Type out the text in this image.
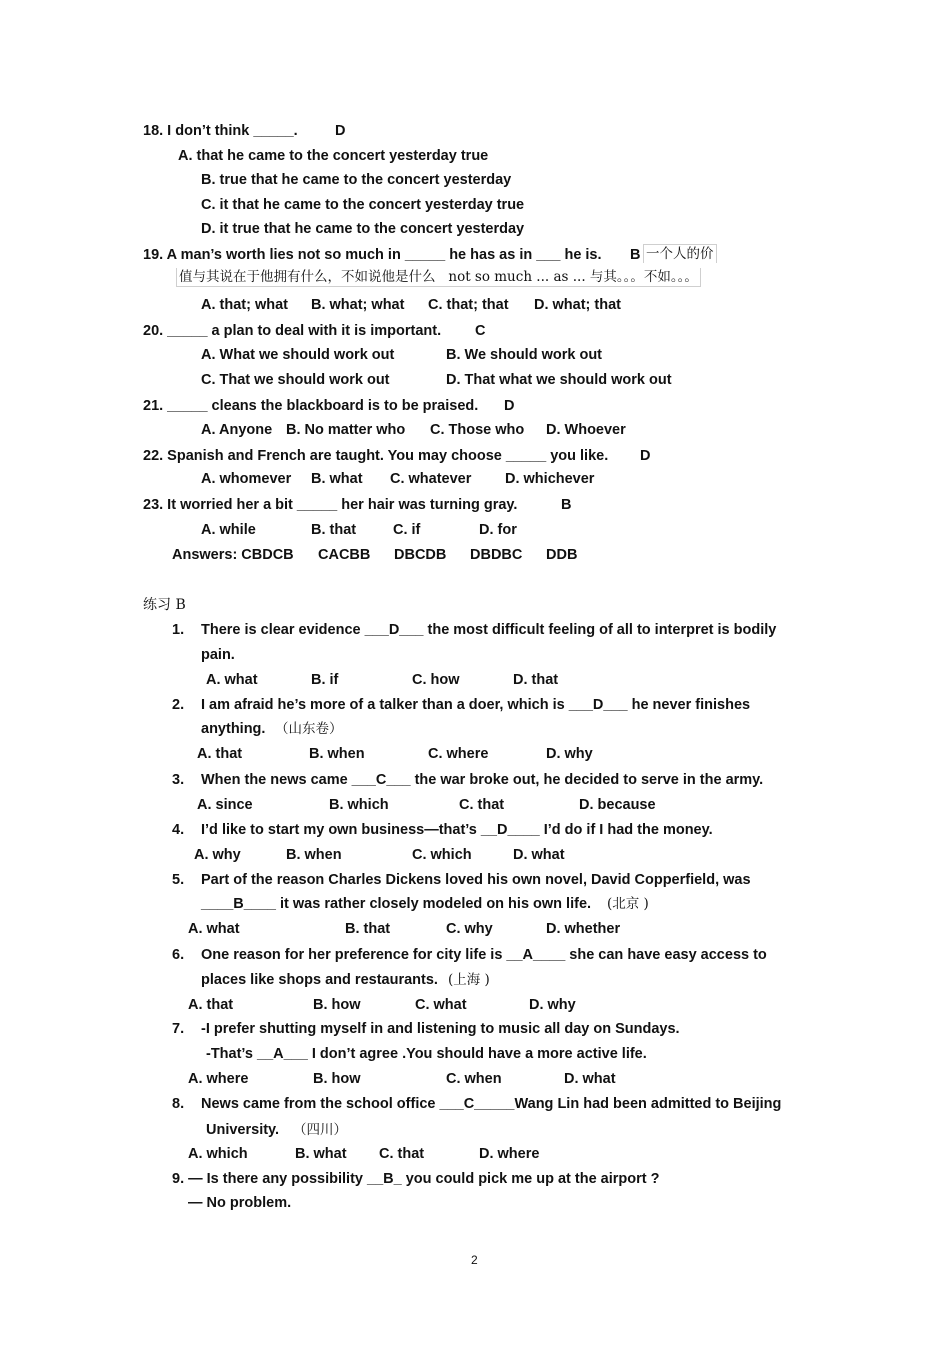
18. I don’t think _____.	D
A. that he came to the concert yesterday true
B. true that he came to the concert yesterday
C. it that he came to the concert yesterday true
D. it true that he came to the concert yesterday
19. A man’s worth lies not so much in _____ he has as in ___ he is. B 一个人的价
值与其说在于他拥有什么，不如说他是什么   not so much ... as ... 与其。。。不如。。。
A. that; what B. what; what C. that; that D. what; that
20. _____ a plan to deal with it is important. C
A. What we should work out	B. We should work out
C. That we should work out	D. That what we should work out
21. _____ cleans the blackboard is to be praised. D
A. Anyone B. No matter who C. Those who D. Whoever
22. Spanish and French are taught. You may choose _____ you like. D
A. whomever B. what C. whatever D. whichever
23. It worried her a bit _____ her hair was turning gray.	B
A. while	B. that	C. if	D. for
Answers: CBDCB CACBB DBCDB DBDBC DDB
练习 B
1. There is clear evidence ___D___ the most difficult feeling of all to interpret is bodily
pain.
A. what	B. if	C. how	D. that
2. I am afraid he’s more of a talker than a doer, which is ___D___ he never finishes
anything. （山东卷）
A. that	B. when	C. where	D. why
3. When the news came ___C___ the war broke out, he decided to serve in the army.
A. since	B. which	C. that	D. because
4. I’d like to start my own business—that’s __D____ I’d do if I had the money.
A. why	B. when	C. which	D. what
5. Part of the reason Charles Dickens loved his own novel, David Copperfield, was
____B____ it was rather closely modeled on his own life. (北京 )
A. what	B. that	C. why	D. whether
6. One reason for her preference for city life is __A____ she can have easy access to
places like shops and restaurants. (上海 )
A. that	B. how	C. what	D. why
7. -I prefer shutting myself in and listening to music all day on Sundays.
-That’s __A___ I don’t agree .You should have a more active life.
A. where	B. how	C. when	D. what
8. News came from the school office ___C_____Wang Lin had been admitted to Beijing
University. （四川）
A. which	B. what C. that	D. where
9. — Is there any possibility __B_ you could pick me up at the airport ?
— No problem.
2
